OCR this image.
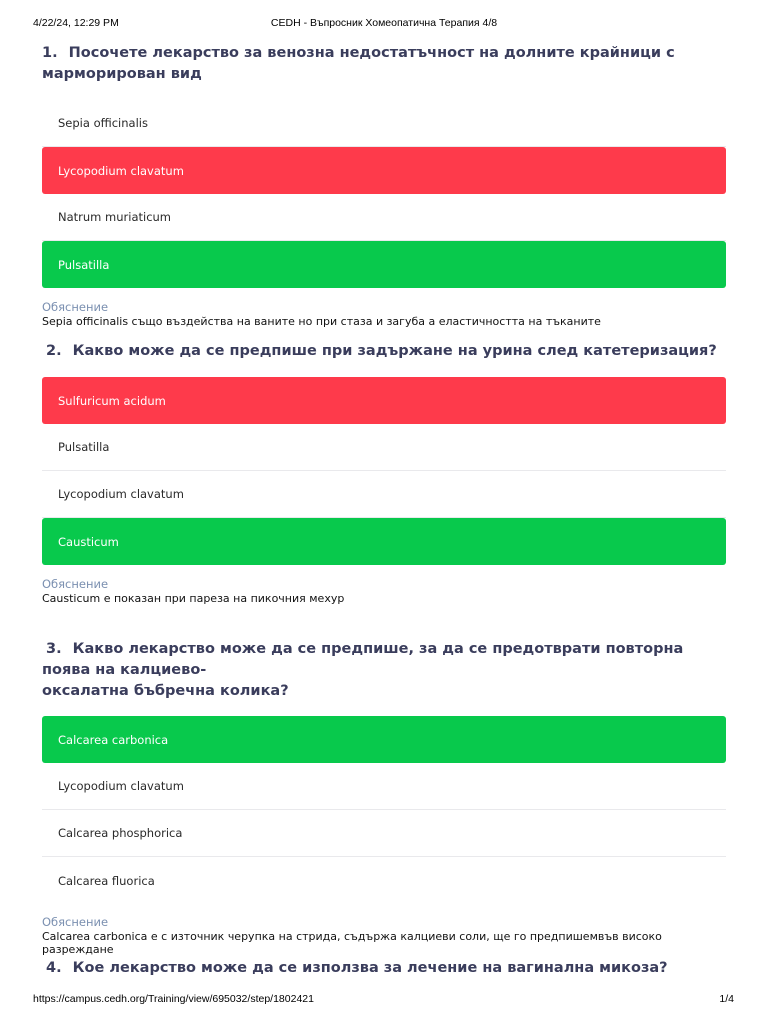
4/22/24, 12:29 PM	CEDH - Въпросник Хомеопатична Терапия 4/8

1. Посочете лекарство за венозна недостатъчност на долните крайници с марморирован вид

Sepia officinalis
Lycopodium clavatum
Natrum muriaticum
Pulsatilla
Обяснение
Sepia officinalis също въздейства на ваните но при стаза и загуба а еластичността на тъканите

2. Какво може да се предпише при задържане на урина след катетеризация?

Sulfuricum acidum
Pulsatilla
Lycopodium clavatum
Causticum
Обяснение
Causticum е показан при пареза на пикочния мехур

3. Какво лекарство може да се предпише, за да се предотврати повторна поява на калциево-
оксалатна бъбречна колика?

Calcarea carbonica
Lycopodium clavatum
Calcarea phosphorica
Calcarea fluorica
Обяснение
Calcarea carbonica е с източник черупка на стрида, съдържа калциеви соли, ще го предпишемвъв високо разреждане

4. Кое лекарство може да се използва за лечение на вагинална микоза?

https://campus.cedh.org/Training/view/695032/step/1802421	1/4
